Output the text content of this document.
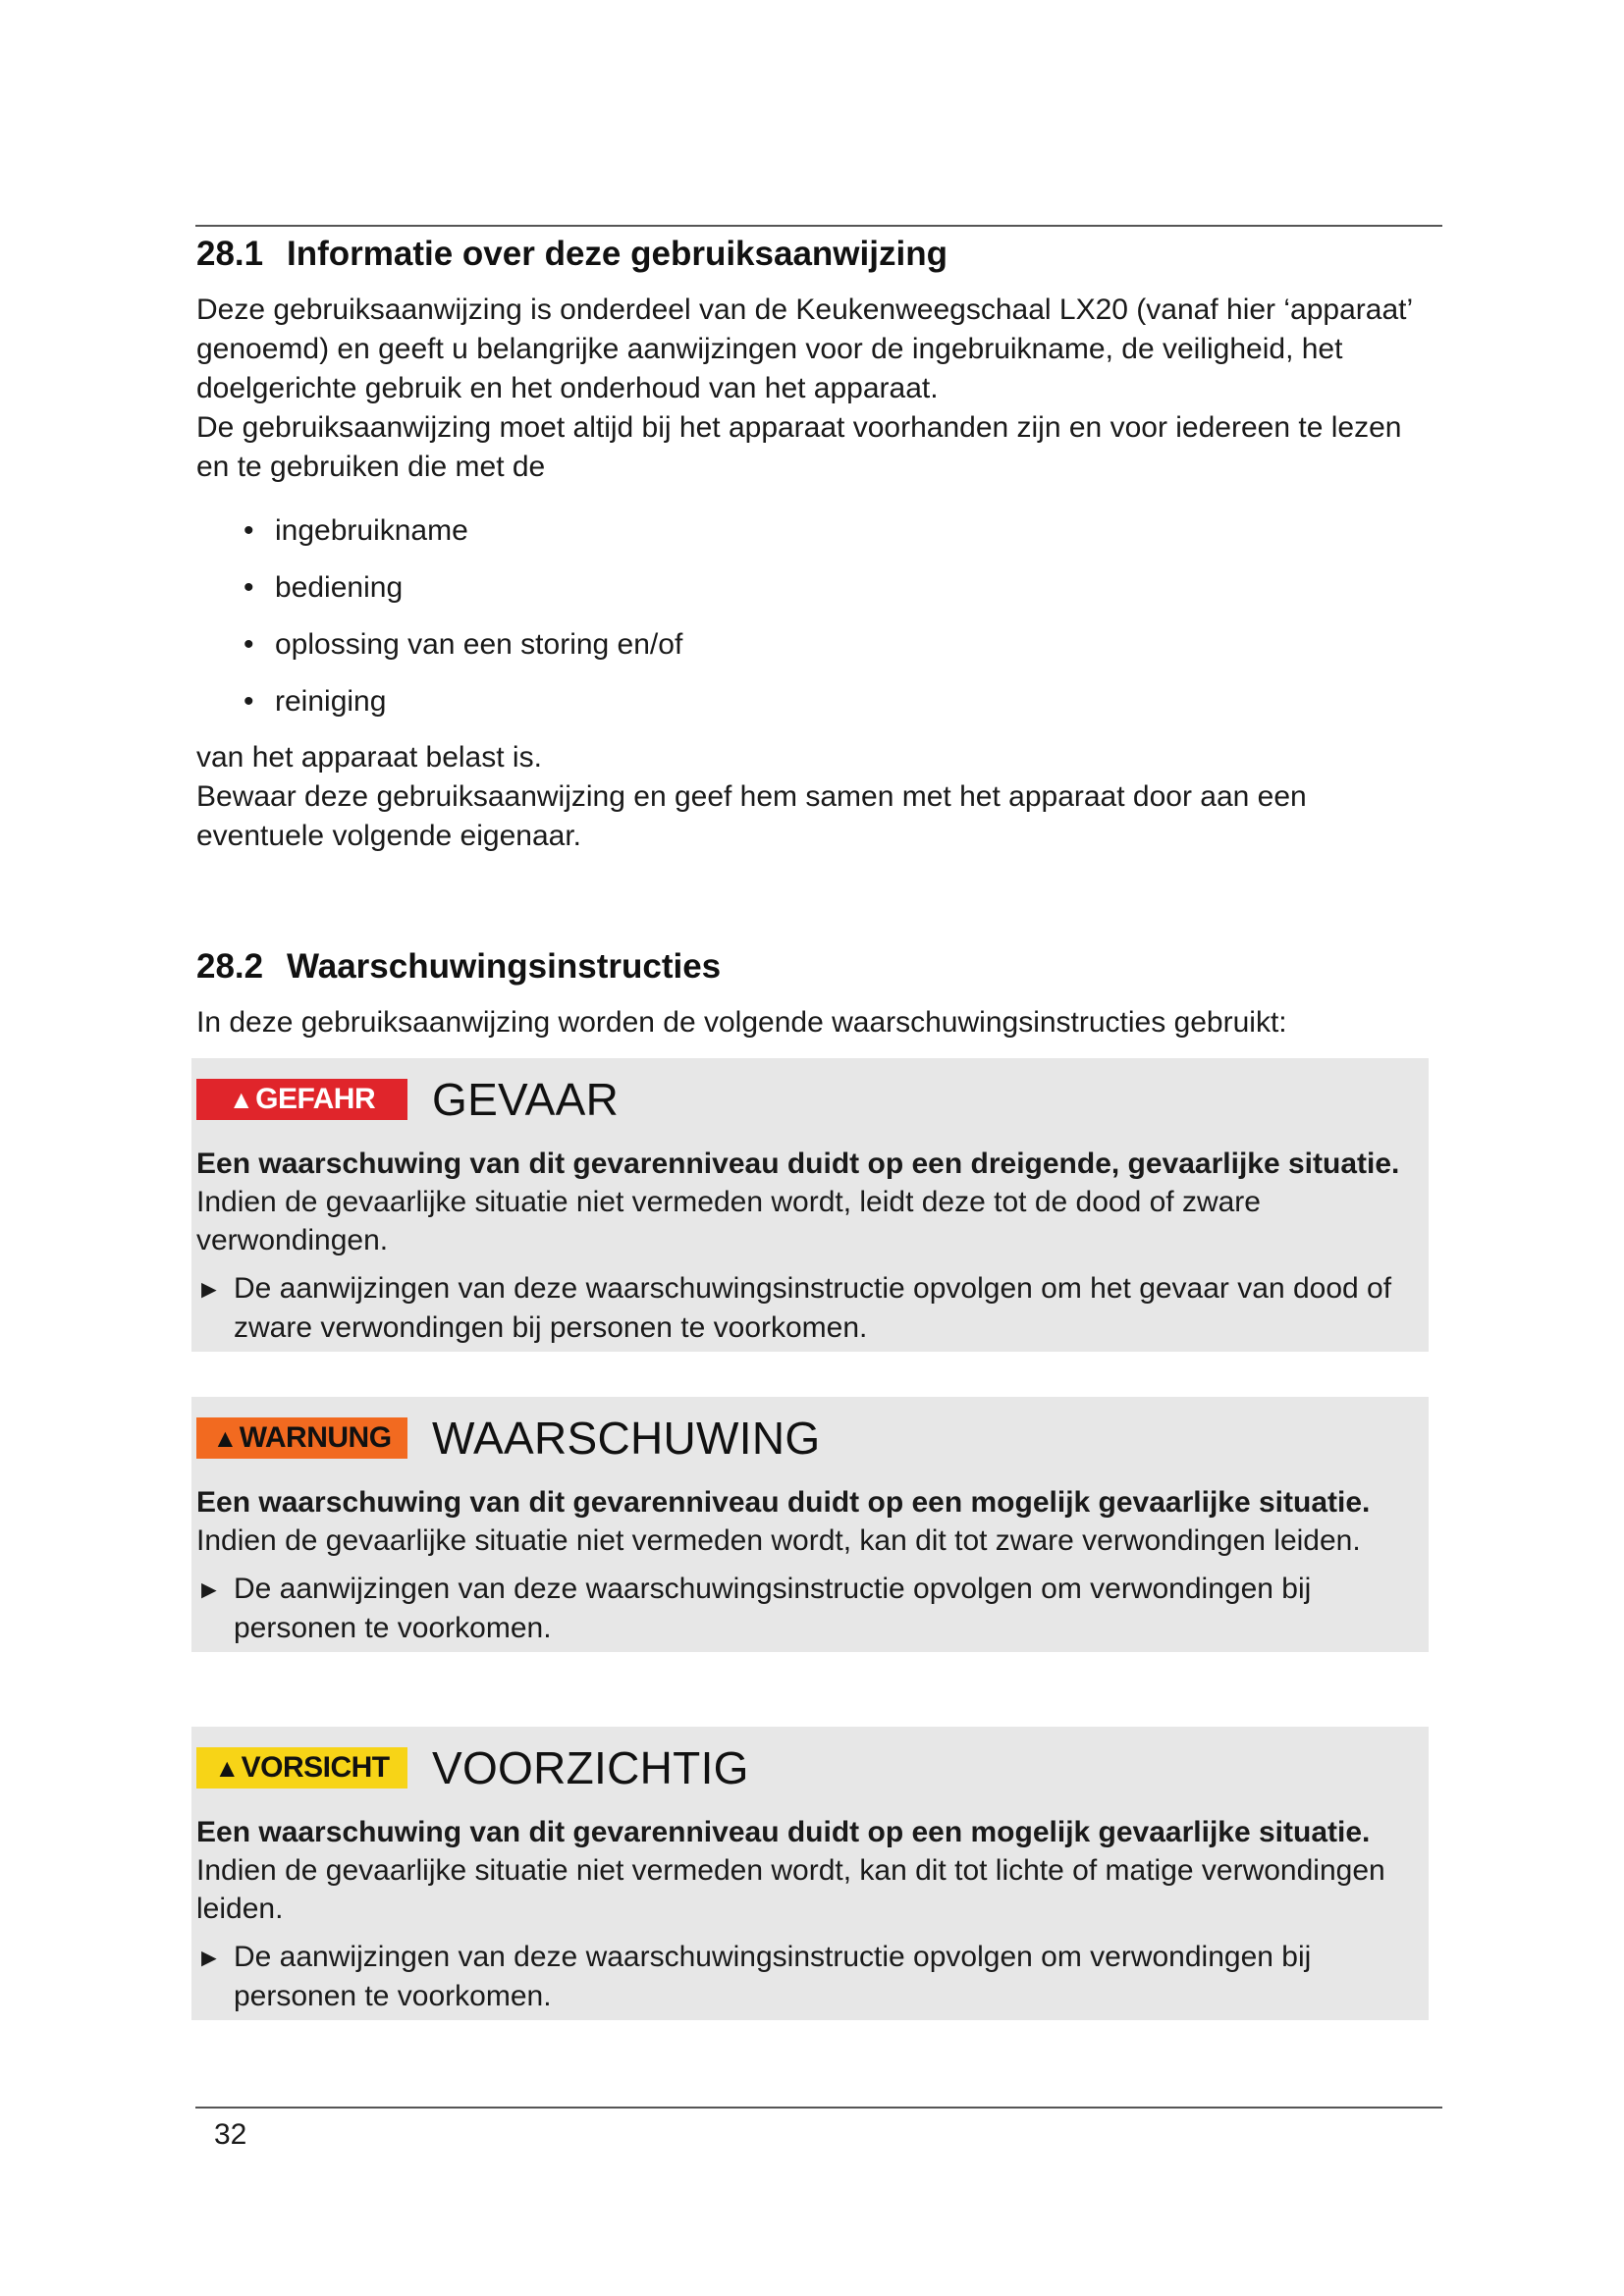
28.1 Informatie over deze gebruiksaanwijzing

Deze gebruiksaanwijzing is onderdeel van de Keukenweegschaal LX20 (vanaf hier ‘apparaat’ genoemd) en geeft u belangrijke aanwijzingen voor de ingebruikname, de veiligheid, het doelgerichte gebruik en het onderhoud van het apparaat.

De gebruiksaanwijzing moet altijd bij het apparaat voorhanden zijn en voor iedereen te lezen en te gebruiken die met de

• ingebruikname
• bediening
• oplossing van een storing en/of
• reiniging

van het apparaat belast is.

Bewaar deze gebruiksaanwijzing en geef hem samen met het apparaat door aan een eventuele volgende eigenaar.

28.2 Waarschuwingsinstructies

In deze gebruiksaanwijzing worden de volgende waarschuwingsinstructies gebruikt:

▲ GEFAHR GEVAAR
Een waarschuwing van dit gevarenniveau duidt op een dreigende, gevaarlijke situatie. Indien de gevaarlijke situatie niet vermeden wordt, leidt deze tot de dood of zware verwondingen.
► De aanwijzingen van deze waarschuwingsinstructie opvolgen om het gevaar van dood of zware verwondingen bij personen te voorkomen.
▲ WARNUNG WAARSCHUWING
Een waarschuwing van dit gevarenniveau duidt op een mogelijk gevaarlijke situatie. Indien de gevaarlijke situatie niet vermeden wordt, kan dit tot zware verwondingen leiden.
► De aanwijzingen van deze waarschuwingsinstructie opvolgen om verwondingen bij personen te voorkomen.
▲ VORSICHT VOORZICHTIG
Een waarschuwing van dit gevarenniveau duidt op een mogelijk gevaarlijke situatie. Indien de gevaarlijke situatie niet vermeden wordt, kan dit tot lichte of matige verwondingen leiden.
► De aanwijzingen van deze waarschuwingsinstructie opvolgen om verwondingen bij personen te voorkomen.
32
